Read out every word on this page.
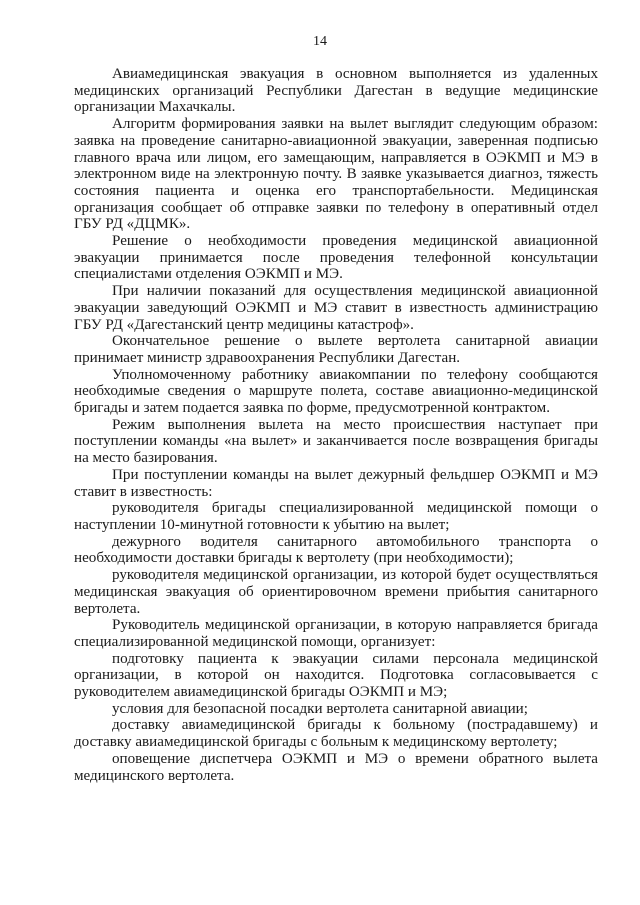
14

Авиамедицинская эвакуация в основном выполняется из удаленных медицинских организаций Республики Дагестан в ведущие медицинские организации Махачкалы.

Алгоритм формирования заявки на вылет выглядит следующим образом: заявка на проведение санитарно-авиационной эвакуации, заверенная подписью главного врача или лицом, его замещающим, направляется в ОЭКМП и МЭ в электронном виде на электронную почту. В заявке указывается диагноз, тяжесть состояния пациента и оценка его транспортабельности. Медицинская организация сообщает об отправке заявки по телефону в оперативный отдел ГБУ РД «ДЦМК».

Решение о необходимости проведения медицинской авиационной эвакуации принимается после проведения телефонной консультации специалистами отделения ОЭКМП и МЭ.

При наличии показаний для осуществления медицинской авиационной эвакуации заведующий ОЭКМП и МЭ ставит в известность администрацию ГБУ РД «Дагестанский центр медицины катастроф».

Окончательное решение о вылете вертолета санитарной авиации принимает министр здравоохранения Республики Дагестан.

Уполномоченному работнику авиакомпании по телефону сообщаются необходимые сведения о маршруте полета, составе авиационно-медицинской бригады и затем подается заявка по форме, предусмотренной контрактом.

Режим выполнения вылета на место происшествия наступает при поступлении команды «на вылет» и заканчивается после возвращения бригады на место базирования.

При поступлении команды на вылет дежурный фельдшер ОЭКМП и МЭ ставит в известность:

руководителя бригады специализированной медицинской помощи о наступлении 10-минутной готовности к убытию на вылет;

дежурного водителя санитарного автомобильного транспорта о необходимости доставки бригады к вертолету (при необходимости);

руководителя медицинской организации, из которой будет осуществляться медицинская эвакуация об ориентировочном времени прибытия санитарного вертолета.

Руководитель медицинской организации, в которую направляется бригада специализированной медицинской помощи, организует:

подготовку пациента к эвакуации силами персонала медицинской организации, в которой он находится. Подготовка согласовывается с руководителем авиамедицинской бригады ОЭКМП и МЭ;

условия для безопасной посадки вертолета санитарной авиации;

доставку авиамедицинской бригады к больному (пострадавшему) и доставку авиамедицинской бригады с больным к медицинскому вертолету;

оповещение диспетчера ОЭКМП и МЭ о времени обратного вылета медицинского вертолета.
